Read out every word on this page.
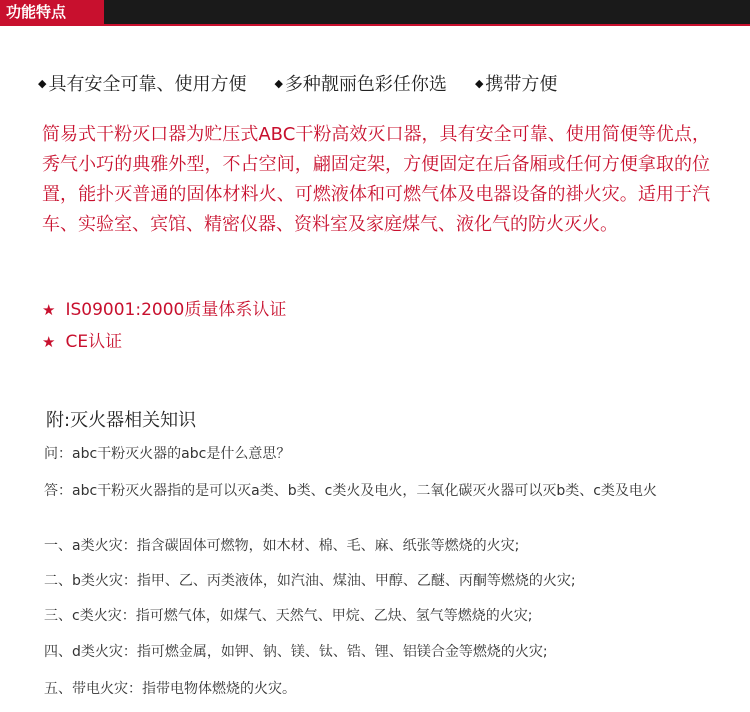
功能特点
◆ 具有安全可靠、使用方便	◆ 多种靓丽色彩任你选	◆ 携带方便

简易式干粉灭口器为贮压式ABC干粉高效灭口器，具有安全可靠、使用简便等优点，秀气小巧的典雅外型，不占空间，翩固定架，方便固定在后备厢或任何方便拿取的位置，能扑灭普通的固体材料火、可燃液体和可燃气体及电器设备的褂火灾。适用于汽车、实验室、宾馆、精密仪器、资料室及家庭煤气、液化气的防火灭火。

★ IS09001:2000质量体系认证
★ CE认证
附:灭火器相关知识

问：abc干粉灭火器的abc是什么意思？

答：abc干粉灭火器指的是可以灭a类、b类、c类火及电火，二氧化碳灭火器可以灭b类、c类及电火

一、a类火灾：指含碳固体可燃物，如木材、棉、毛、麻、纸张等燃烧的火灾;

二、b类火灾：指甲、乙、丙类液体，如汽油、煤油、甲醇、乙醚、丙酮等燃烧的火灾;

三、c类火灾：指可燃气体，如煤气、天然气、甲烷、乙炔、氢气等燃烧的火灾;

四、d类火灾：指可燃金属，如钾、钠、镁、钛、锆、锂、铝镁合金等燃烧的火灾;

五、带电火灾：指带电物体燃烧的火灾。
